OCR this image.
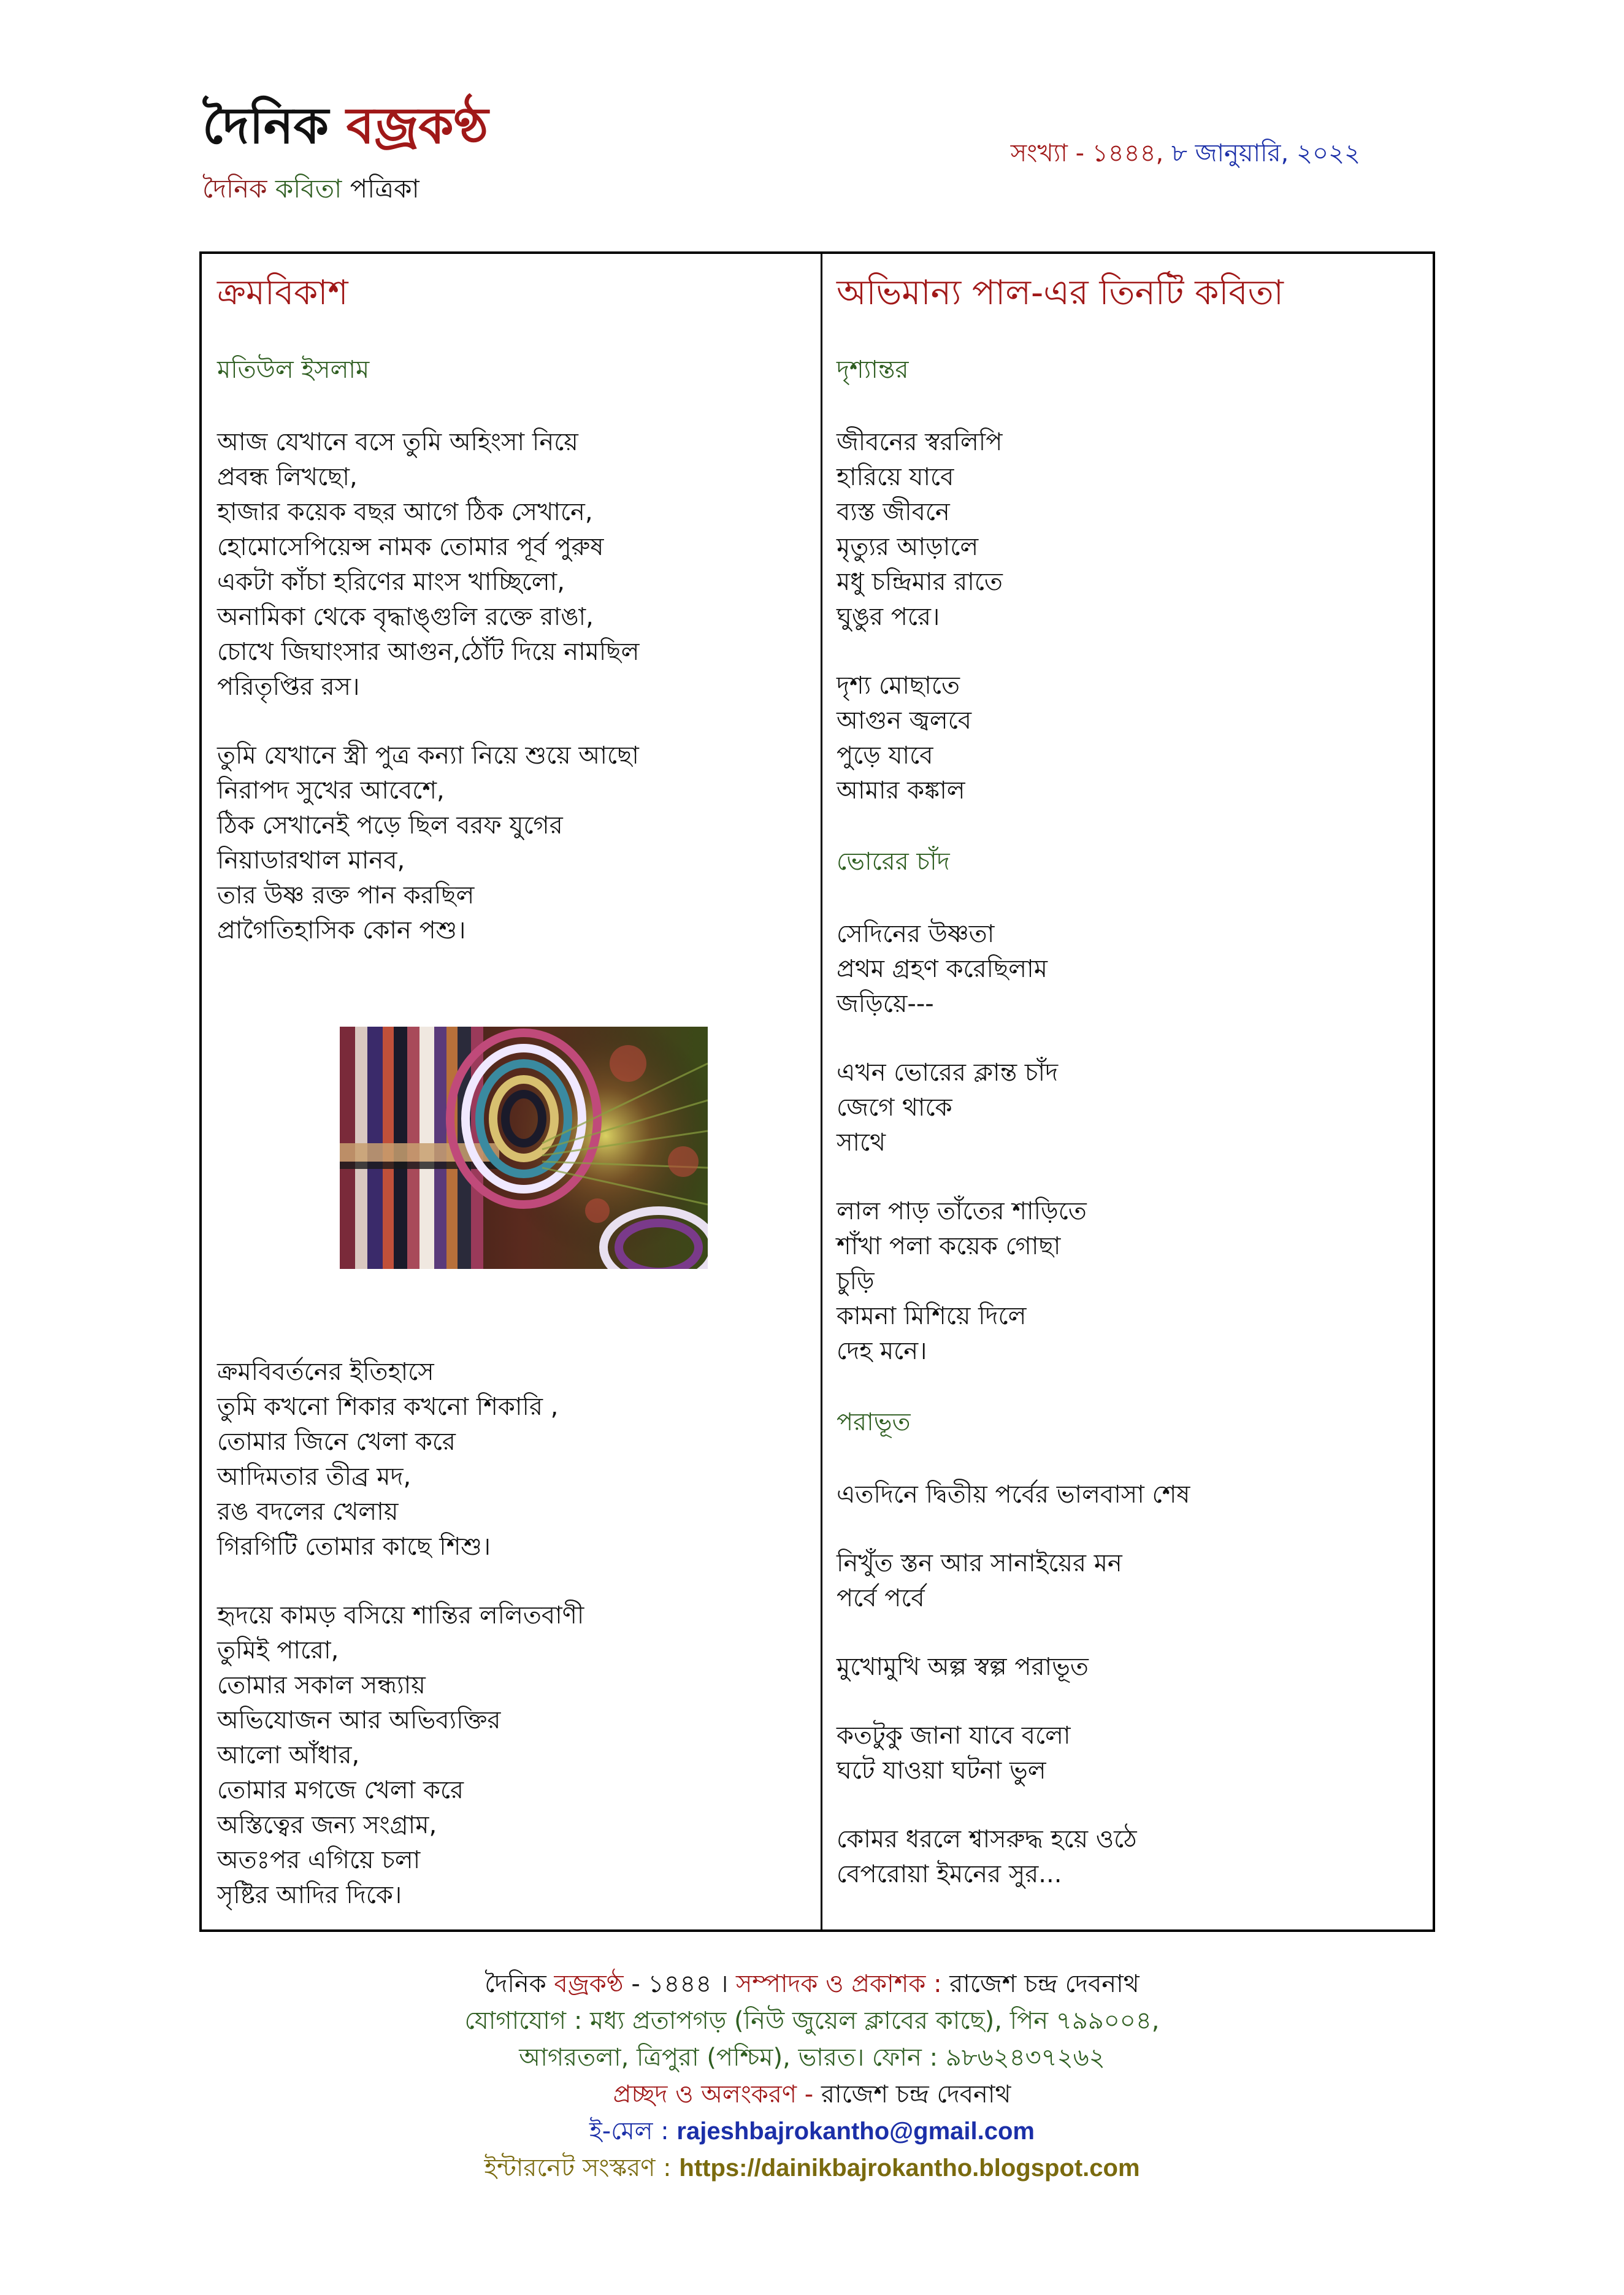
দৈনিক বজ্রকণ্ঠ
দৈনিক কবিতা পত্রিকা
সংখ্যা - ১৪৪৪, ৮ জানুয়ারি, ২০২২
ক্রমবিকাশ
মতিউল ইসলাম
আজ যেখানে বসে তুমি অহিংসা নিয়ে
প্রবন্ধ লিখছো,
হাজার কয়েক বছর আগে ঠিক সেখানে,
হোমোসেপিয়েন্স নামক তোমার পূর্ব পুরুষ
একটা কাঁচা হরিণের মাংস খাচ্ছিলো,
অনামিকা থেকে বৃদ্ধাঙ্গুলি রক্তে রাঙা,
চোখে জিঘাংসার আগুন,ঠোঁট দিয়ে নামছিল
পরিতৃপ্তির রস।
তুমি যেখানে স্ত্রী পুত্র কন্যা নিয়ে শুয়ে আছো
নিরাপদ সুখের আবেশে,
ঠিক সেখানেই পড়ে ছিল বরফ যুগের
নিয়াডারথাল মানব,
তার উষ্ণ রক্ত পান করছিল
প্রাগৈতিহাসিক কোন পশু।
ক্রমবিবর্তনের ইতিহাসে
তুমি কখনো শিকার কখনো শিকারি ,
তোমার জিনে খেলা করে
আদিমতার তীব্র মদ,
রঙ বদলের খেলায়
গিরগিটি তোমার কাছে শিশু।
হৃদয়ে কামড় বসিয়ে শান্তির ললিতবাণী
তুমিই পারো,
তোমার সকাল সন্ধ্যায়
অভিযোজন আর অভিব্যক্তির
আলো আঁধার,
তোমার মগজে খেলা করে
অস্তিত্বের জন্য সংগ্রাম,
অতঃপর এগিয়ে চলা
সৃষ্টির আদির দিকে।
অভিমান্য পাল-এর তিনটি কবিতা
দৃশ্যান্তর
জীবনের স্বরলিপি
হারিয়ে যাবে
ব্যস্ত জীবনে
মৃত্যুর আড়ালে
মধু চন্দ্রিমার রাতে
ঘুঙুর পরে।
দৃশ্য মোছাতে
আগুন জ্বলবে
পুড়ে যাবে
আমার কঙ্কাল
ভোরের চাঁদ
সেদিনের উষ্ণতা
প্রথম গ্রহণ করেছিলাম
জড়িয়ে---
এখন ভোরের ক্লান্ত চাঁদ
জেগে থাকে
সাথে
লাল পাড় তাঁতের শাড়িতে
শাঁখা পলা কয়েক গোছা
চুড়ি
কামনা মিশিয়ে দিলে
দেহ মনে।
পরাভূত
এতদিনে দ্বিতীয় পর্বের ভালবাসা শেষ
নিখুঁত স্তন আর সানাইয়ের মন
পর্বে পর্বে
মুখোমুখি অল্প স্বল্প পরাভূত
কতটুকু জানা যাবে বলো
ঘটে যাওয়া ঘটনা ভুল
কোমর ধরলে শ্বাসরুদ্ধ হয়ে ওঠে
বেপরোয়া ইমনের সুর...
দৈনিক বজ্রকণ্ঠ - ১৪৪৪ । সম্পাদক ও প্রকাশক : রাজেশ চন্দ্র দেবনাথ
যোগাযোগ : মধ্য প্রতাপগড় (নিউ জুয়েল ক্লাবের কাছে), পিন ৭৯৯০০৪,
আগরতলা, ত্রিপুরা (পশ্চিম), ভারত। ফোন : ৯৮৬২৪৩৭২৬২
প্রচ্ছদ ও অলংকরণ - রাজেশ চন্দ্র দেবনাথ
ই-মেল : rajeshbajrokantho@gmail.com
ইন্টারনেট সংস্করণ : https://dainikbajrokantho.blogspot.com
